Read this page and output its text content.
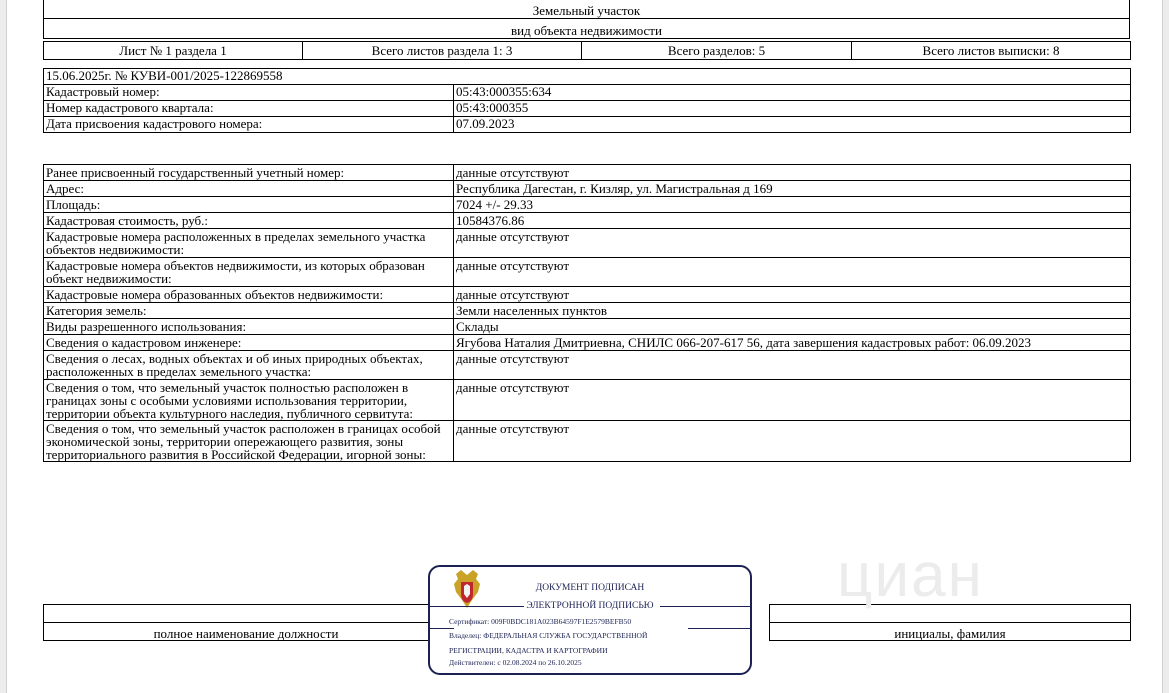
Земельный участок
вид объекта недвижимости
Лист № 1 раздела 1	Всего листов раздела 1: 3	Всего разделов: 5	Всего листов выписки: 8
15.06.2025г. № КУВИ-001/2025-122869558	
Кадастровый номер:	05:43:000355:634
Номер кадастрового квартала:	05:43:000355
Дата присвоения кадастрового номера:	07.09.2023
Ранее присвоенный государственный учетный номер:	данные отсутствуют
Адрес:	Республика Дагестан, г. Кизляр, ул. Магистральная д 169
Площадь:	7024 +/- 29.33
Кадастровая стоимость, руб.:	10584376.86
Кадастровые номера расположенных в пределах земельного участка объектов недвижимости:	данные отсутствуют
Кадастровые номера объектов недвижимости, из которых образован объект недвижимости:	данные отсутствуют
Кадастровые номера образованных объектов недвижимости:	данные отсутствуют
Категория земель:	Земли населенных пунктов
Виды разрешенного использования:	Склады
Сведения о кадастровом инженере:	Ягубова Наталия Дмитриевна, СНИЛС 066-207-617 56, дата завершения кадастровых работ: 06.09.2023
Сведения о лесах, водных объектах и об иных природных объектах, расположенных в пределах земельного участка:	данные отсутствуют
Сведения о том, что земельный участок полностью расположен в границах зоны с особыми условиями использования территории, территории объекта культурного наследия, публичного сервитута:	данные отсутствуют
Сведения о том, что земельный участок расположен в границах особой экономической зоны, территории опережающего развития, зоны территориального развития в Российской Федерации, игорной зоны:	данные отсутствуют

полное наименование должности		инициалы, фамилия
циан
ДОКУМЕНТ ПОДПИСАН
ЭЛЕКТРОННОЙ ПОДПИСЬЮ
Сертификат: 009F0BDC181A023B64597F1E2579BEFB50
Владелец: ФЕДЕРАЛЬНАЯ СЛУЖБА ГОСУДАРСТВЕННОЙ
РЕГИСТРАЦИИ, КАДАСТРА И КАРТОГРАФИИ
Действителен: с 02.08.2024 по 26.10.2025
